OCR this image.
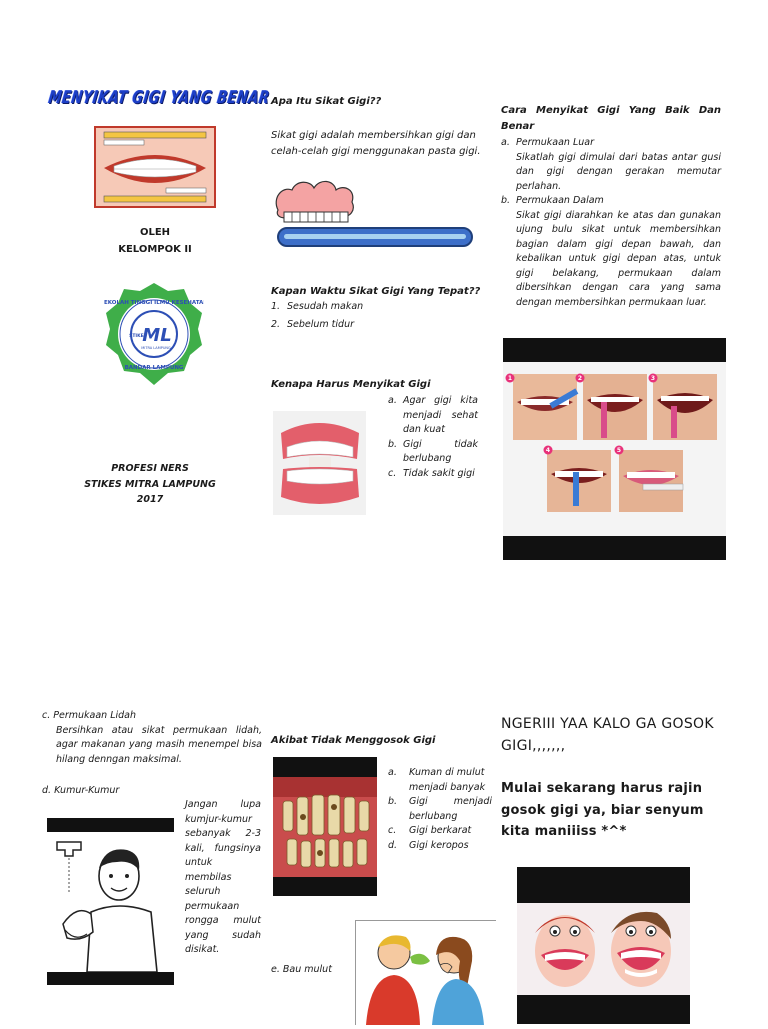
MENYIKAT GIGI YANG BENAR
OLEH
KELOMPOK II
SEKOLAH TINGGI ILMU KESEHATAN
BANDAR LAMPUNG
STIKES
ML
MITRA LAMPUNG
PROFESI NERS
STIKES MITRA LAMPUNG
2017
Apa Itu Sikat Gigi??
Sikat gigi adalah membersihkan gigi dan celah-celah gigi menggunakan pasta gigi.
Kapan Waktu Sikat Gigi Yang Tepat??
1. Sesudah makan
2. Sebelum tidur
Kenapa Harus Menyikat Gigi
a. Agar gigi kita menjadi sehat dan kuat
b. Gigi tidak berlubang
c. Tidak sakit gigi
Cara Menyikat Gigi Yang Baik Dan Benar
a. Permukaan Luar
Sikatlah gigi dimulai dari batas antar gusi dan gigi dengan gerakan memutar perlahan.
b. Permukaan Dalam
Sikat gigi diarahkan ke atas dan gunakan ujung bulu sikat untuk membersihkan bagian dalam gigi depan bawah, dan kebalikan untuk gigi depan atas, untuk gigi belakang, permukaan dalam dibersihkan dengan cara yang sama dengan membersihkan permukaan luar.
1	2	3
4	5
c. Permukaan Lidah
Bersihkan atau sikat permukaan lidah, agar makanan yang masih menempel bisa hilang denngan maksimal.
d. Kumur-Kumur
Jangan lupa kumjur-kumur sebanyak 2-3 kali, fungsinya untuk membilas seluruh permukaan rongga mulut yang sudah disikat.
Akibat Tidak Menggosok Gigi
a.	Kuman di mulut menjadi banyak
b.	Gigi menjadi berlubang
c.	Gigi berkarat
d.	Gigi keropos
e. Bau mulut
NGERIII YAA KALO GA GOSOK GIGI,,,,,,,
Mulai sekarang harus rajin gosok gigi ya, biar senyum kita maniiiss *^*
